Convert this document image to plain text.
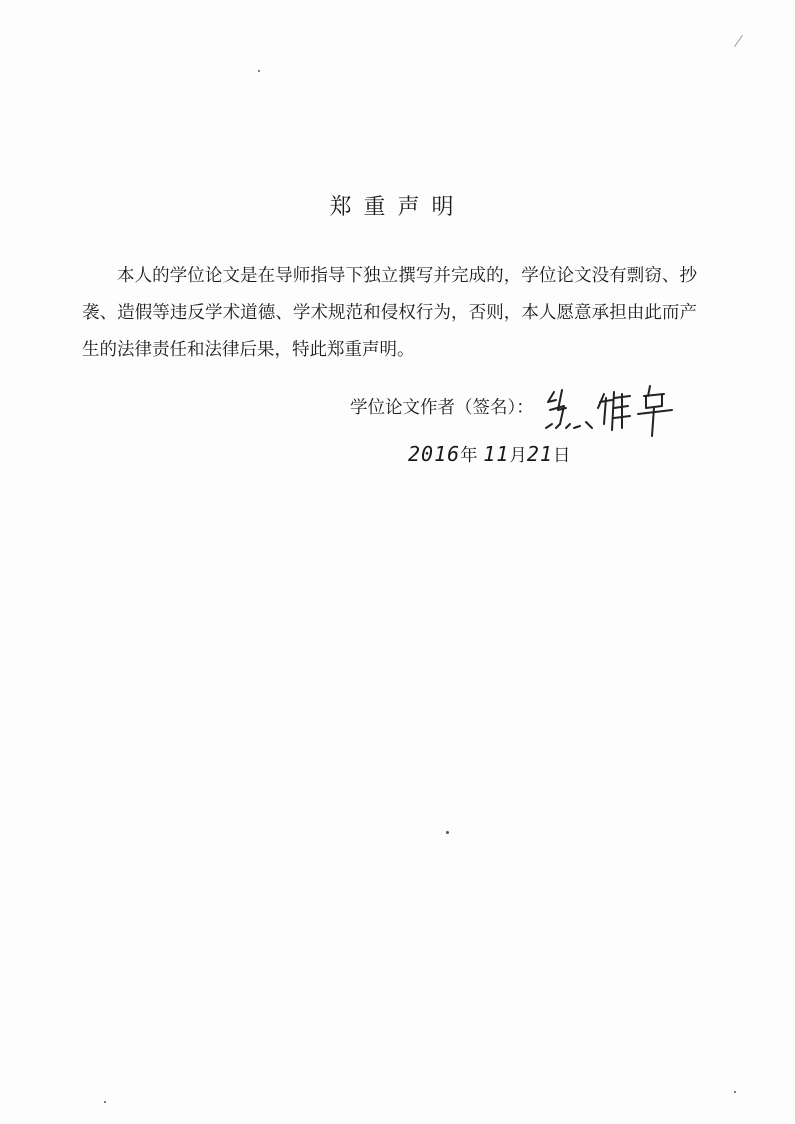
郑重声明
本人的学位论文是在导师指导下独立撰写并完成的，学位论文没有剽窃、抄袭、造假等违反学术道德、学术规范和侵权行为，否则，本人愿意承担由此而产生的法律责任和法律后果，特此郑重声明。
学位论文作者（签名）：
2016年 11月21日
